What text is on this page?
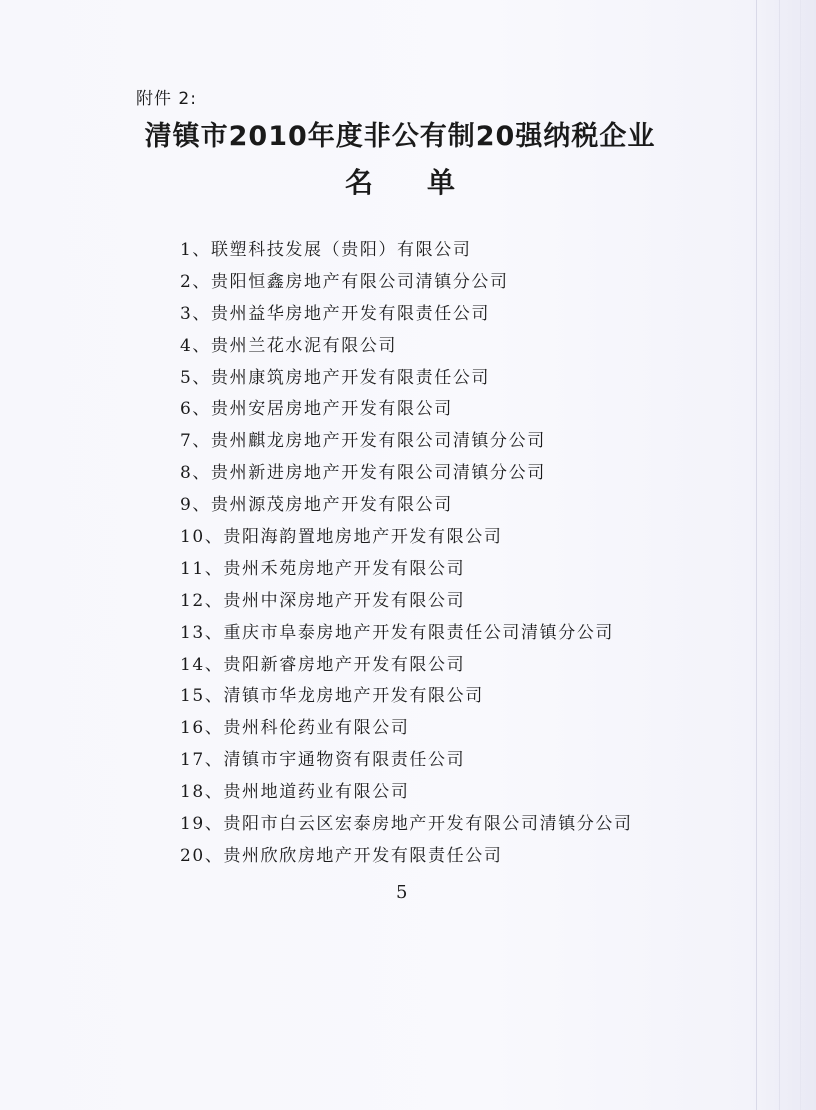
附件 2:
清镇市2010年度非公有制20强纳税企业
名单
1、联塑科技发展（贵阳）有限公司
2、贵阳恒鑫房地产有限公司清镇分公司
3、贵州益华房地产开发有限责任公司
4、贵州兰花水泥有限公司
5、贵州康筑房地产开发有限责任公司
6、贵州安居房地产开发有限公司
7、贵州麒龙房地产开发有限公司清镇分公司
8、贵州新进房地产开发有限公司清镇分公司
9、贵州源茂房地产开发有限公司
10、贵阳海韵置地房地产开发有限公司
11、贵州禾苑房地产开发有限公司
12、贵州中深房地产开发有限公司
13、重庆市阜泰房地产开发有限责任公司清镇分公司
14、贵阳新睿房地产开发有限公司
15、清镇市华龙房地产开发有限公司
16、贵州科伦药业有限公司
17、清镇市宇通物资有限责任公司
18、贵州地道药业有限公司
19、贵阳市白云区宏泰房地产开发有限公司清镇分公司
20、贵州欣欣房地产开发有限责任公司
5
